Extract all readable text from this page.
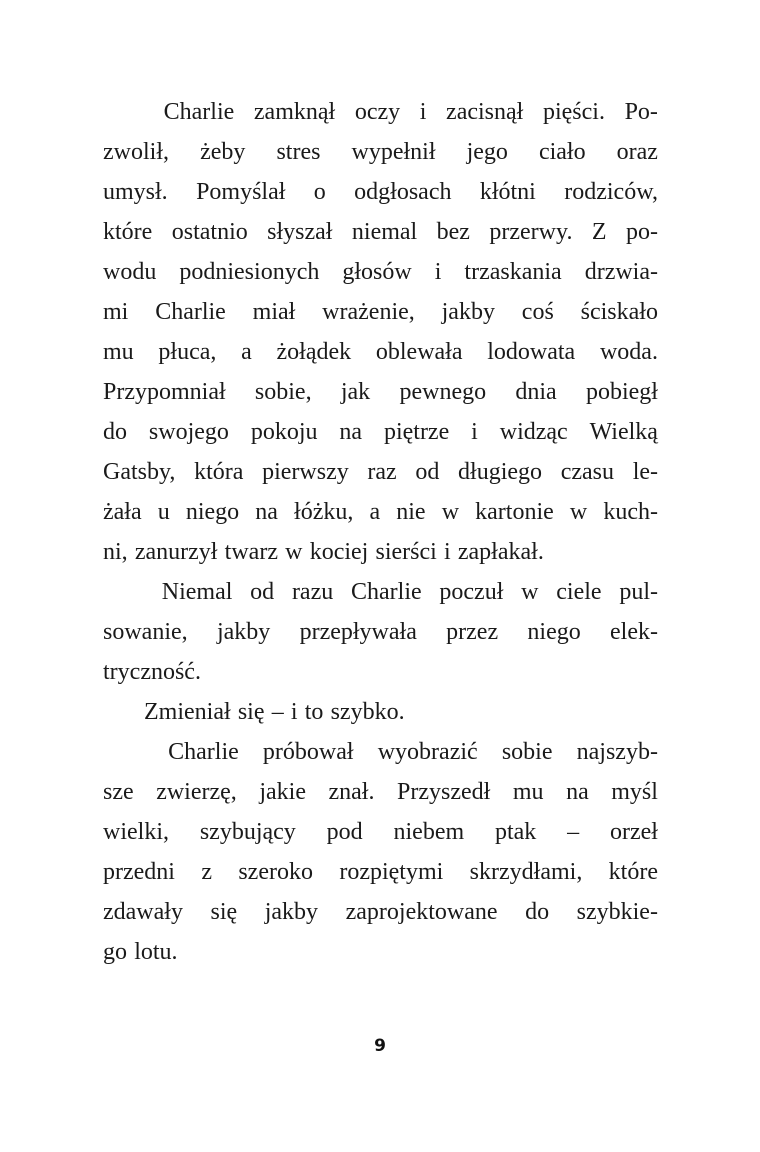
Charlie zamknął oczy i zacisnął pięści. Po-
zwolił, żeby stres wypełnił jego ciało oraz
umysł. Pomyślał o odgłosach kłótni rodziców,
które ostatnio słyszał niemal bez przerwy. Z po-
wodu podniesionych głosów i trzaskania drzwia-
mi Charlie miał wrażenie, jakby coś ściskało
mu płuca, a żołądek oblewała lodowata woda.
Przypomniał sobie, jak pewnego dnia pobiegł
do swojego pokoju na piętrze i widząc Wielką
Gatsby, która pierwszy raz od długiego czasu le-
żała u niego na łóżku, a nie w kartonie w kuch-
ni, zanurzył twarz w kociej sierści i zapłakał.
Niemal od razu Charlie poczuł w ciele pul-
sowanie, jakby przepływała przez niego elek-
tryczność.
Zmieniał się – i to szybko.
Charlie próbował wyobrazić sobie najszyb-
sze zwierzę, jakie znał. Przyszedł mu na myśl
wielki, szybujący pod niebem ptak – orzeł
przedni z szeroko rozpiętymi skrzydłami, które
zdawały się jakby zaprojektowane do szybkie-
go lotu.
9
